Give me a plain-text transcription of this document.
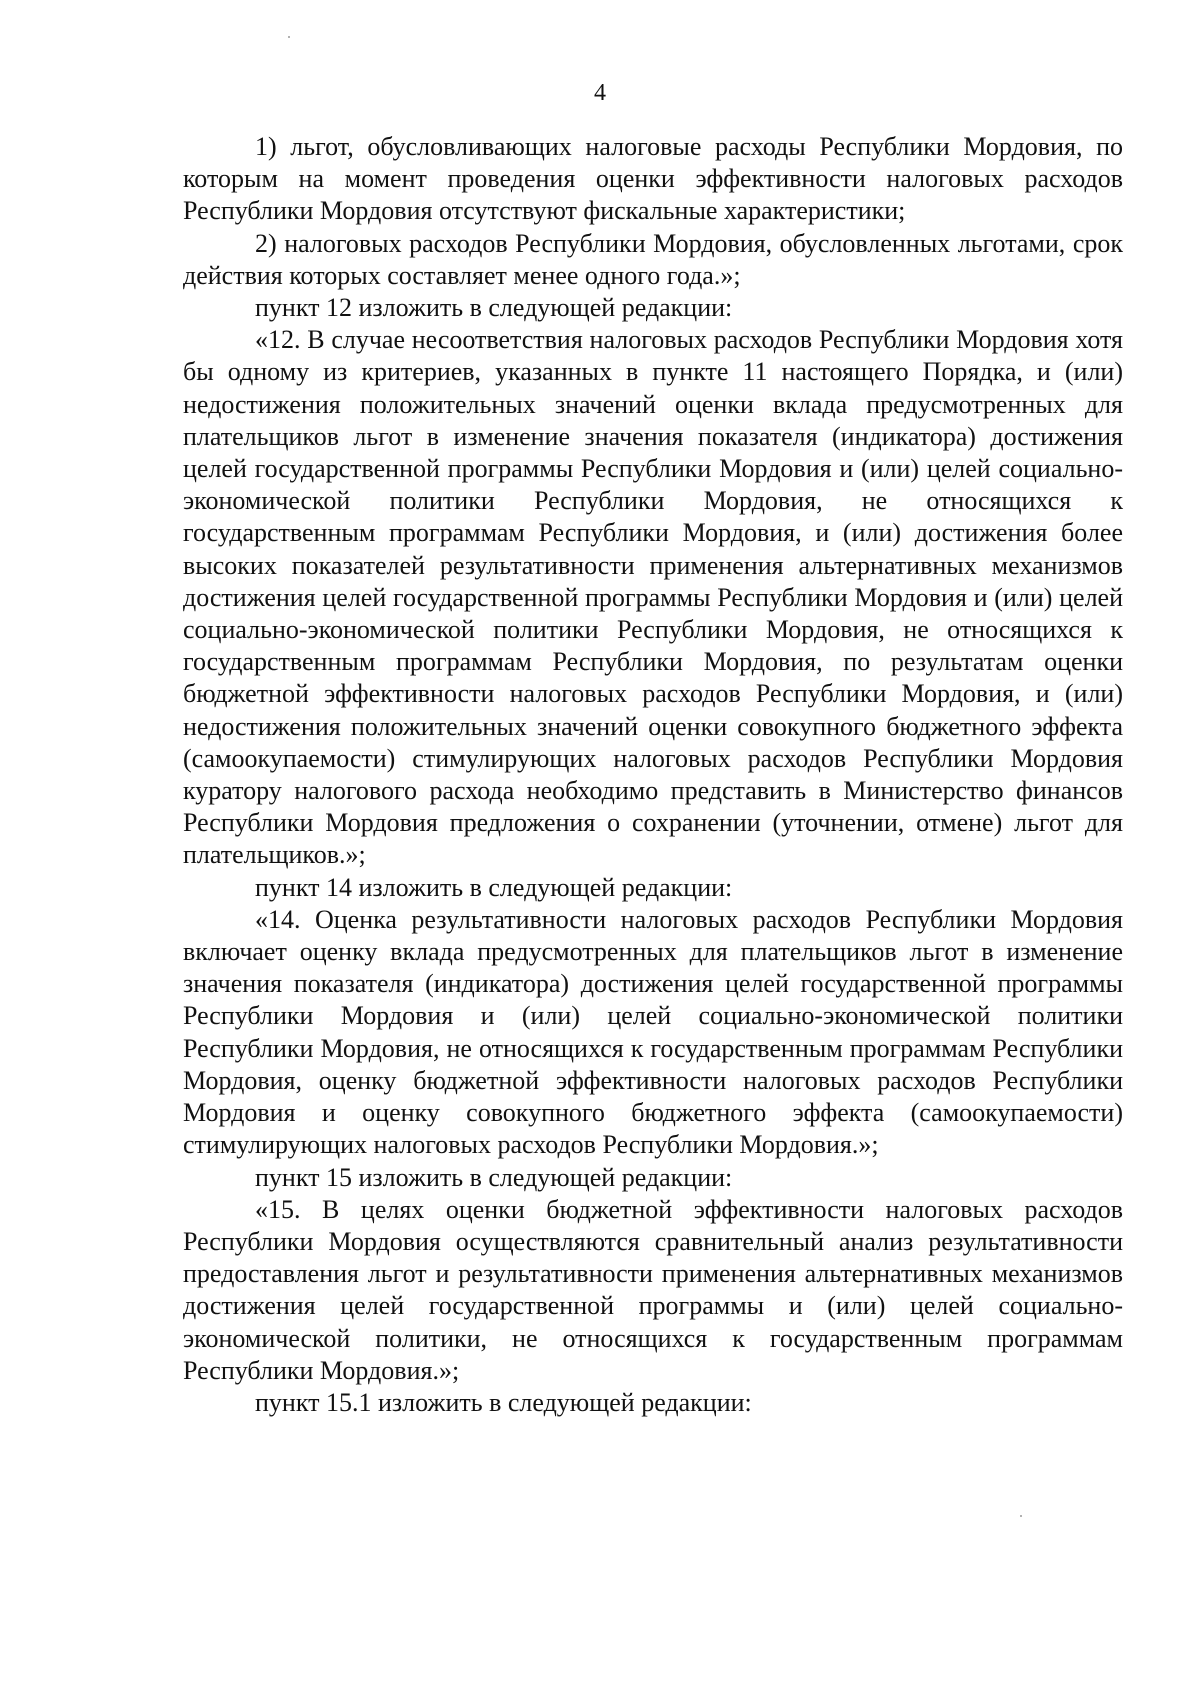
4

1) льгот, обусловливающих налоговые расходы Республики Мордовия, по которым на момент проведения оценки эффективности налоговых расходов Республики Мордовия отсутствуют фискальные характеристики;

2) налоговых расходов Республики Мордовия, обусловленных льготами, срок действия которых составляет менее одного года.»;

пункт 12 изложить в следующей редакции:

«12. В случае несоответствия налоговых расходов Республики Мордовия хотя бы одному из критериев, указанных в пункте 11 настоящего Порядка, и (или) недостижения положительных значений оценки вклада предусмотренных для плательщиков льгот в изменение значения показателя (индикатора) достижения целей государственной программы Республики Мордовия и (или) целей социально-экономической политики Республики Мордовия, не относящихся к государственным программам Республики Мордовия, и (или) достижения более высоких показателей результативности применения альтернативных механизмов достижения целей государственной программы Республики Мордовия и (или) целей социально-экономической политики Республики Мордовия, не относящихся к государственным программам Республики Мордовия, по результатам оценки бюджетной эффективности налоговых расходов Республики Мордовия, и (или) недостижения положительных значений оценки совокупного бюджетного эффекта (самоокупаемости) стимулирующих налоговых расходов Республики Мордовия куратору налогового расхода необходимо представить в Министерство финансов Республики Мордовия предложения о сохранении (уточнении, отмене) льгот для плательщиков.»;

пункт 14 изложить в следующей редакции:

«14. Оценка результативности налоговых расходов Республики Мордовия включает оценку вклада предусмотренных для плательщиков льгот в изменение значения показателя (индикатора) достижения целей государственной программы Республики Мордовия и (или) целей социально-экономической политики Республики Мордовия, не относящихся к государственным программам Республики Мордовия, оценку бюджетной эффективности налоговых расходов Республики Мордовия и оценку совокупного бюджетного эффекта (самоокупаемости) стимулирующих налоговых расходов Республики Мордовия.»;

пункт 15 изложить в следующей редакции:

«15. В целях оценки бюджетной эффективности налоговых расходов Республики Мордовия осуществляются сравнительный анализ результативности предоставления льгот и результативности применения альтернативных механизмов достижения целей государственной программы и (или) целей социально-экономической политики, не относящихся к государственным программам Республики Мордовия.»;

пункт 15.1 изложить в следующей редакции:
